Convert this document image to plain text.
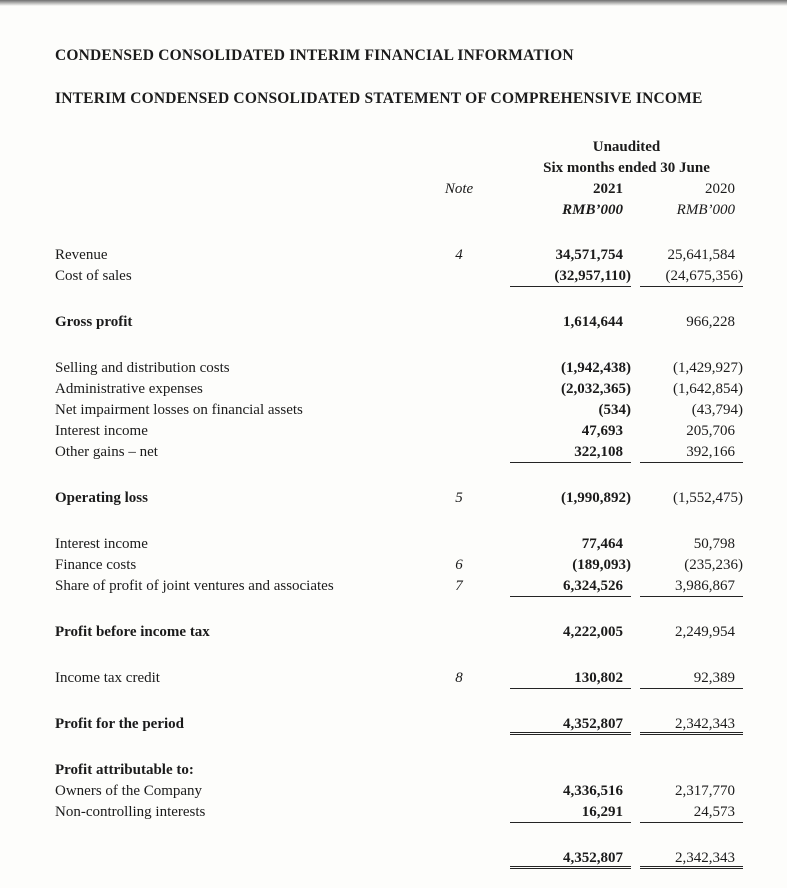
CONDENSED CONSOLIDATED INTERIM FINANCIAL INFORMATION
INTERIM CONDENSED CONSOLIDATED STATEMENT OF COMPREHENSIVE INCOME
Unaudited
Six months ended 30 June
Note	2021	2020
RMB’000	RMB’000
Revenue	4	34,571,754	25,641,584
Cost of sales	(32,957,110)	(24,675,356)
Gross profit	1,614,644	966,228
Selling and distribution costs	(1,942,438)	(1,429,927)
Administrative expenses	(2,032,365)	(1,642,854)
Net impairment losses on financial assets	(534)	(43,794)
Interest income	47,693	205,706
Other gains – net	322,108	392,166
Operating loss	5	(1,990,892)	(1,552,475)
Interest income	77,464	50,798
Finance costs	6	(189,093)	(235,236)
Share of profit of joint ventures and associates	7	6,324,526	3,986,867
Profit before income tax	4,222,005	2,249,954
Income tax credit	8	130,802	92,389
Profit for the period	4,352,807	2,342,343
Profit attributable to:
Owners of the Company	4,336,516	2,317,770
Non-controlling interests	16,291	24,573
4,352,807	2,342,343
